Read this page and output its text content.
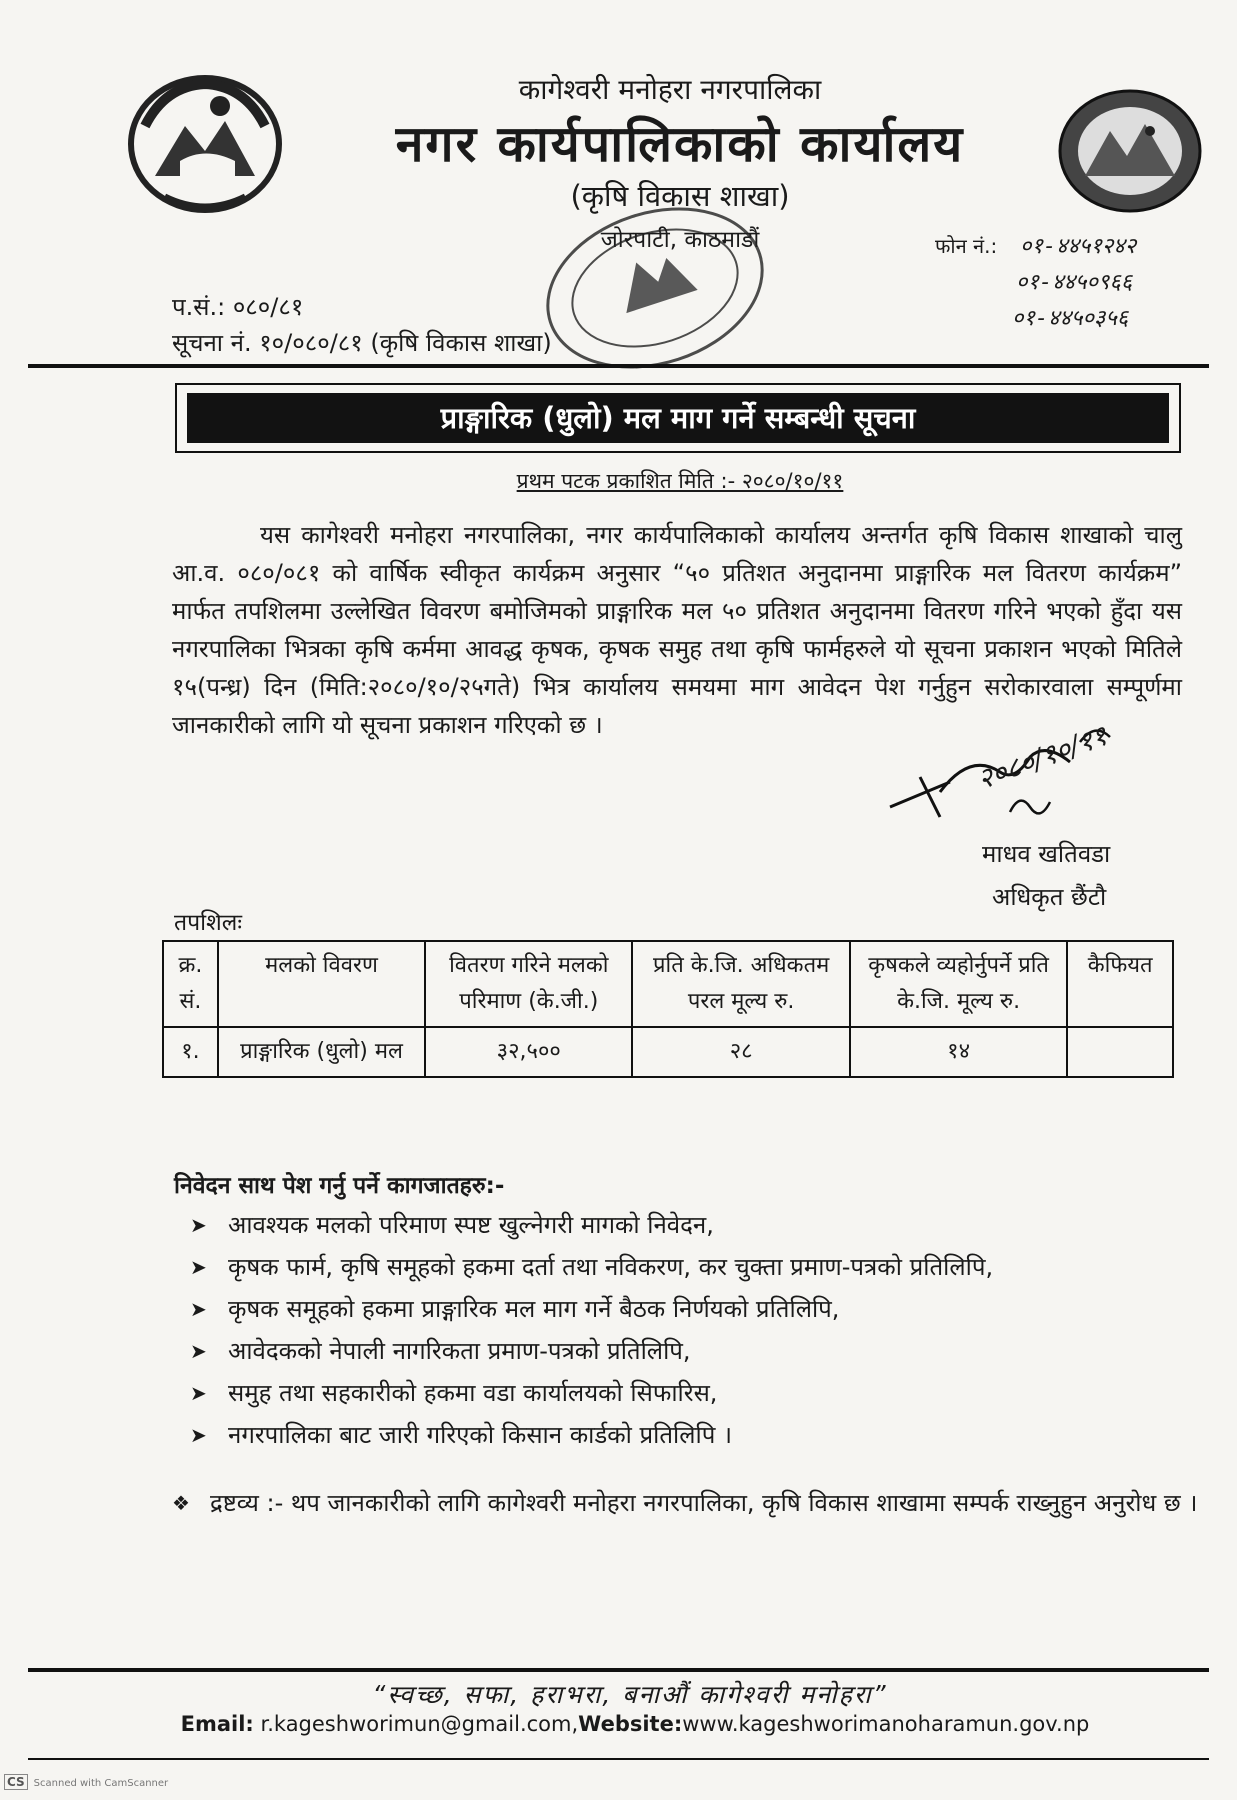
कागेश्वरी मनोहरा नगरपालिका
नगर कार्यपालिकाको कार्यालय
(कृषि विकास शाखा)
जोरपाटी, काठमाडौं	फोन नं.: ०१-४४५१२४२
०१-४४५०९६६
०१-४४५०३५६
प.सं.: ०८०/८१
सूचना नं. १०/०८०/८१ (कृषि विकास शाखा)
प्राङ्गारिक (धुलो) मल माग गर्ने सम्बन्धी सूचना
प्रथम पटक प्रकाशित मिति :- २०८०/१०/११
यस कागेश्वरी मनोहरा नगरपालिका, नगर कार्यपालिकाको कार्यालय अन्तर्गत कृषि विकास शाखाको चालु आ.व. ०८०/०८१ को वार्षिक स्वीकृत कार्यक्रम अनुसार “५० प्रतिशत अनुदानमा प्राङ्गारिक मल वितरण कार्यक्रम” मार्फत तपशिलमा उल्लेखित विवरण बमोजिमको प्राङ्गारिक मल ५० प्रतिशत अनुदानमा वितरण गरिने भएको हुँदा यस नगरपालिका भित्रका कृषि कर्ममा आवद्ध कृषक, कृषक समुह तथा कृषि फार्महरुले यो सूचना प्रकाशन भएको मितिले १५(पन्ध्र) दिन (मिति:२०८०/१०/२५गते) भित्र कार्यालय समयमा माग आवेदन पेश गर्नुहुन सरोकारवाला सम्पूर्णमा जानकारीको लागि यो सूचना प्रकाशन गरिएको छ ।	२०८०/१०/११
माधव खतिवडा
अधिकृत छैंटौ
तपशिलः
क्र. सं.	मलको विवरण	वितरण गरिने मलको परिमाण (के.जी.)	प्रति के.जि. अधिकतम परल मूल्य रु.	कृषकले व्यहोर्नुपर्ने प्रति के.जि. मूल्य रु.	कैफियत
१.	प्राङ्गारिक (धुलो) मल	३२,५००	२८	१४	
निवेदन साथ पेश गर्नु पर्ने कागजातहरु:-
➤ आवश्यक मलको परिमाण स्पष्ट खुल्नेगरी मागको निवेदन,
➤ कृषक फार्म, कृषि समूहको हकमा दर्ता तथा नविकरण, कर चुक्ता प्रमाण-पत्रको प्रतिलिपि,
➤ कृषक समूहको हकमा प्राङ्गारिक मल माग गर्ने बैठक निर्णयको प्रतिलिपि,
➤ आवेदकको नेपाली नागरिकता प्रमाण-पत्रको प्रतिलिपि,
➤ समुह तथा सहकारीको हकमा वडा कार्यालयको सिफारिस,
➤ नगरपालिका बाट जारी गरिएको किसान कार्डको प्रतिलिपि ।
❖ द्रष्टव्य :- थप जानकारीको लागि कागेश्वरी मनोहरा नगरपालिका, कृषि विकास शाखामा सम्पर्क राख्नुहुन अनुरोध छ ।
“स्वच्छ, सफा, हराभरा, बनाऔं कागेश्वरी मनोहरा”
Email: r.kageshworimun@gmail.com,Website:www.kageshworimanoharamun.gov.np
CS Scanned with CamScanner
